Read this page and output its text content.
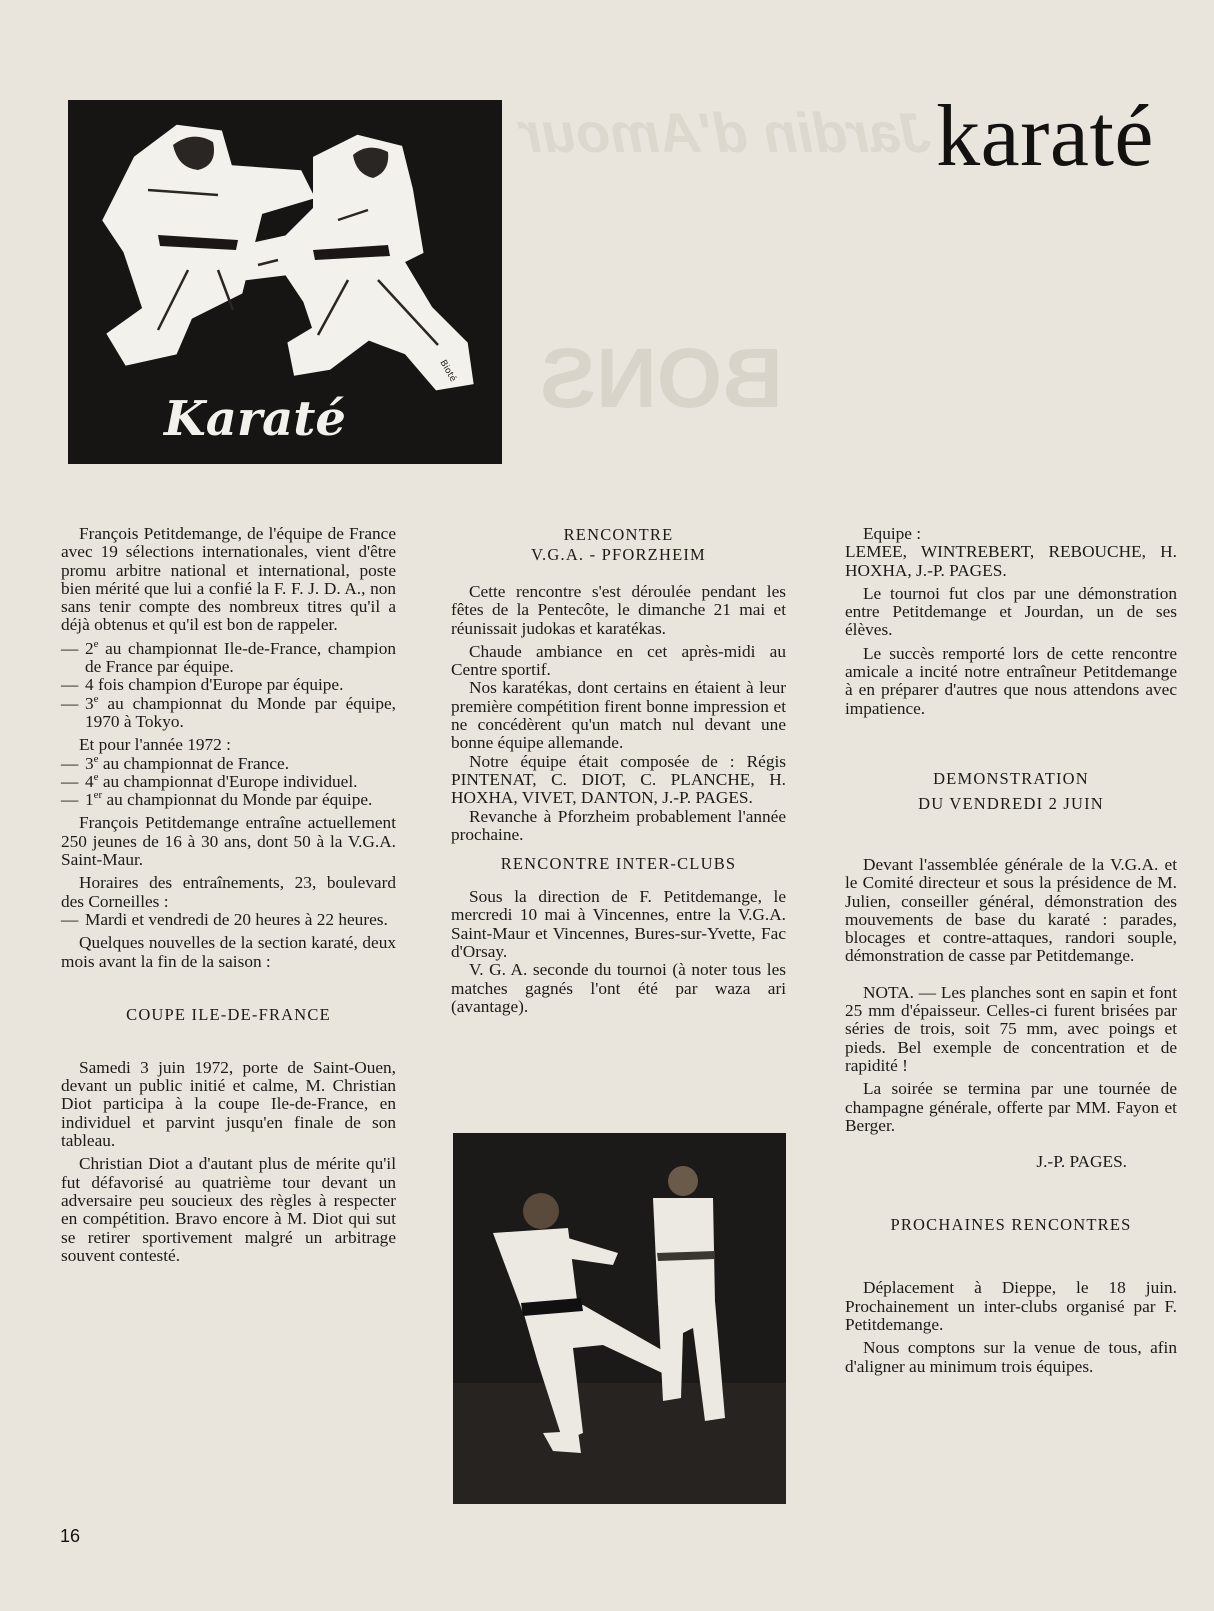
Jardin d'Amour
BONS
karaté
Karaté
Bioté

François Petitdemange, de l'équipe de France avec 19 sélections internationales, vient d'être promu arbitre national et international, poste bien mérité que lui a confié la F. F. J. D. A., non sans tenir compte des nombreux titres qu'il a déjà obtenus et qu'il est bon de rappeler.

— 2e au championnat Ile-de-France, champion de France par équipe.

— 4 fois champion d'Europe par équipe.

— 3e au championnat du Monde par équipe, 1970 à Tokyo.

Et pour l'année 1972 :

— 3e au championnat de France.

— 4e au championnat d'Europe individuel.

— 1er au championnat du Monde par équipe.

François Petitdemange entraîne actuellement 250 jeunes de 16 à 30 ans, dont 50 à la V.G.A. Saint-Maur.

Horaires des entraînements, 23, boulevard des Corneilles :

— Mardi et vendredi de 20 heures à 22 heures.

Quelques nouvelles de la section karaté, deux mois avant la fin de la saison :

COUPE ILE-DE-FRANCE

Samedi 3 juin 1972, porte de Saint-Ouen, devant un public initié et calme, M. Christian Diot participa à la coupe Ile-de-France, en individuel et parvint jusqu'en finale de son tableau.

Christian Diot a d'autant plus de mérite qu'il fut défavorisé au quatrième tour devant un adversaire peu soucieux des règles à respecter en compétition. Bravo encore à M. Diot qui sut se retirer sportivement malgré un arbitrage souvent contesté.

RENCONTRE
V.G.A. - PFORZHEIM

Cette rencontre s'est déroulée pendant les fêtes de la Pentecôte, le dimanche 21 mai et réunissait judokas et karatékas.

Chaude ambiance en cet après-midi au Centre sportif.

Nos karatékas, dont certains en étaient à leur première compétition firent bonne impression et ne concédèrent qu'un match nul devant une bonne équipe allemande.

Notre équipe était composée de : Régis PINTENAT, C. DIOT, C. PLANCHE, H. HOXHA, VIVET, DANTON, J.-P. PAGES.

Revanche à Pforzheim probablement l'année prochaine.

RENCONTRE INTER-CLUBS

Sous la direction de F. Petitdemange, le mercredi 10 mai à Vincennes, entre la V.G.A. Saint-Maur et Vincennes, Bures-sur-Yvette, Fac d'Orsay.

V. G. A. seconde du tournoi (à noter tous les matches gagnés l'ont été par waza ari (avantage).

Equipe :

LEMEE, WINTREBERT, REBOUCHE, H. HOXHA, J.-P. PAGES.

Le tournoi fut clos par une démonstration entre Petitdemange et Jourdan, un de ses élèves.

Le succès remporté lors de cette rencontre amicale a incité notre entraîneur Petitdemange à en préparer d'autres que nous attendons avec impatience.

DEMONSTRATION
DU VENDREDI 2 JUIN

Devant l'assemblée générale de la V.G.A. et le Comité directeur et sous la présidence de M. Julien, conseiller général, démonstration des mouvements de base du karaté : parades, blocages et contre-attaques, randori souple, démonstration de casse par Petitdemange.

NOTA. — Les planches sont en sapin et font 25 mm d'épaisseur. Celles-ci furent brisées par séries de trois, soit 75 mm, avec poings et pieds. Bel exemple de concentration et de rapidité !

La soirée se termina par une tournée de champagne générale, offerte par MM. Fayon et Berger.

J.-P. PAGES.

PROCHAINES RENCONTRES

Déplacement à Dieppe, le 18 juin. Prochainement un inter-clubs organisé par F. Petitdemange.

Nous comptons sur la venue de tous, afin d'aligner au minimum trois équipes.

16
